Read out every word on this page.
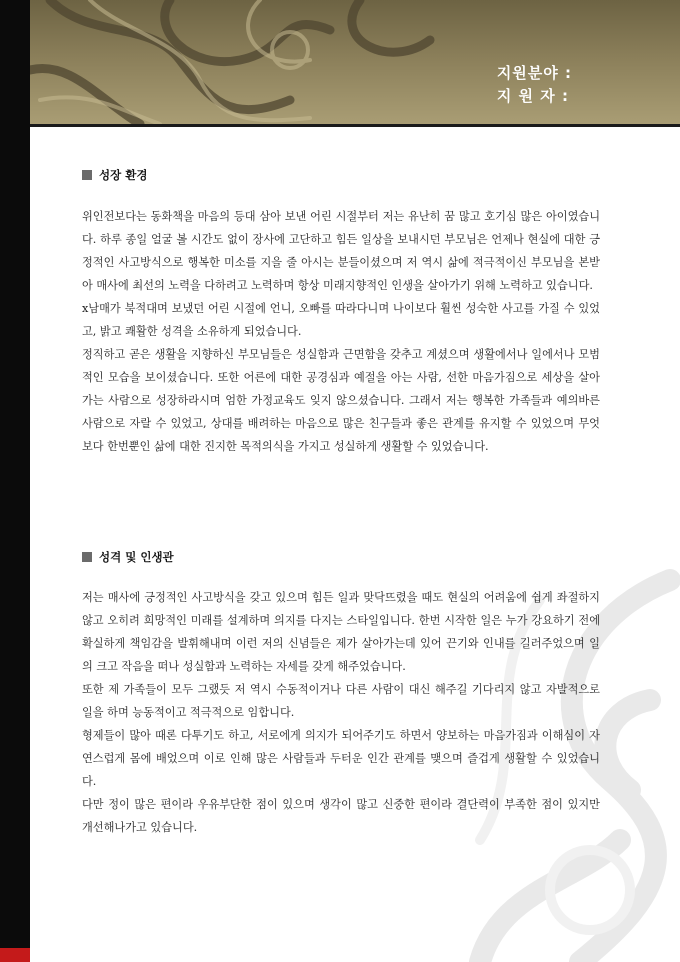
지원분야 :
지 원 자 :
성장 환경

위인전보다는 동화책을 마음의 등대 삼아 보낸 어린 시절부터 저는 유난히 꿈 많고 호기심 많은 아이였습니다. 하루 종일 얼굴 볼 시간도 없이 장사에 고단하고 힘든 일상을 보내시던 부모님은 언제나 현실에 대한 긍정적인 사고방식으로 행복한 미소를 지을 줄 아시는 분들이셨으며 저 역시 삶에 적극적이신 부모님을 본받아 매사에 최선의 노력을 다하려고 노력하며 항상 미래지향적인 인생을 살아가기 위해 노력하고 있습니다.

x남매가 북적대며 보냈던 어린 시절에 언니, 오빠를 따라다니며 나이보다 훨씬 성숙한 사고를 가질 수 있었고, 밝고 쾌활한 성격을 소유하게 되었습니다.

정직하고 곧은 생활을 지향하신 부모님들은 성실함과 근면함을 갖추고 계셨으며 생활에서나 일에서나 모범적인 모습을 보이셨습니다. 또한 어른에 대한 공경심과 예절을 아는 사람, 선한 마음가짐으로 세상을 살아가는 사람으로 성장하라시며 엄한 가정교육도 잊지 않으셨습니다. 그래서 저는 행복한 가족들과 예의바른 사람으로 자랄 수 있었고, 상대를 배려하는 마음으로 많은 친구들과 좋은 관계를 유지할 수 있었으며 무엇보다 한번뿐인 삶에 대한 진지한 목적의식을 가지고 성실하게 생활할 수 있었습니다.

성격 및 인생관

저는 매사에 긍정적인 사고방식을 갖고 있으며 힘든 일과 맞닥뜨렸을 때도 현실의 어려움에 쉽게 좌절하지 않고 오히려 희망적인 미래를 설계하며 의지를 다지는 스타일입니다. 한번 시작한 일은 누가 강요하기 전에 확실하게 책임감을 발휘해내며 이런 저의 신념들은 제가 살아가는데 있어 끈기와 인내를 길러주었으며 일의 크고 작음을 떠나 성실함과 노력하는 자세를 갖게 해주었습니다.

또한 제 가족들이 모두 그랬듯 저 역시 수동적이거나 다른 사람이 대신 해주길 기다리지 않고 자발적으로 일을 하며 능동적이고 적극적으로 임합니다.

형제들이 많아 때론 다투기도 하고, 서로에게 의지가 되어주기도 하면서 양보하는 마음가짐과 이해심이 자연스럽게 몸에 배었으며 이로 인해 많은 사람들과 두터운 인간 관계를 맺으며 즐겁게 생활할 수 있었습니다.

다만 정이 많은 편이라 우유부단한 점이 있으며 생각이 많고 신중한 편이라 결단력이 부족한 점이 있지만 개선해나가고 있습니다.
